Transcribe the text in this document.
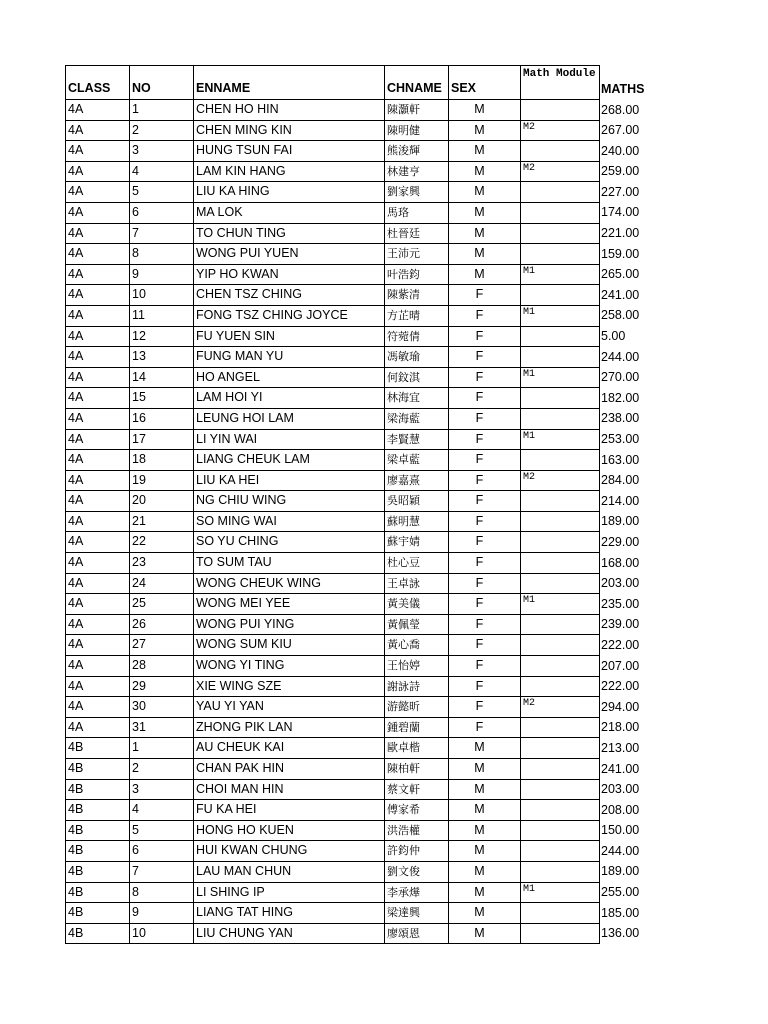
CLASS	NO	ENNAME	CHNAME	SEX	Math Module	MATHS
4A	1	CHEN HO HIN	陳灝軒	M		268.00
4A	2	CHEN MING KIN	陳明健	M	M2	267.00
4A	3	HUNG TSUN FAI	熊浚輝	M		240.00
4A	4	LAM KIN HANG	林建亨	M	M2	259.00
4A	5	LIU KA HING	劉家興	M		227.00
4A	6	MA LOK	馬珞	M		174.00
4A	7	TO CHUN TING	杜晉廷	M		221.00
4A	8	WONG PUI YUEN	王沛元	M		159.00
4A	9	YIP HO KWAN	叶浩鈞	M	M1	265.00
4A	10	CHEN TSZ CHING	陳紫清	F		241.00
4A	11	FONG TSZ CHING JOYCE	方芷晴	F	M1	258.00
4A	12	FU YUEN SIN	符菀倩	F		5.00
4A	13	FUNG MAN YU	馮敏瑜	F		244.00
4A	14	HO ANGEL	何鈫淇	F	M1	270.00
4A	15	LAM HOI YI	林海宜	F		182.00
4A	16	LEUNG HOI LAM	梁海藍	F		238.00
4A	17	LI YIN WAI	李賢慧	F	M1	253.00
4A	18	LIANG CHEUK LAM	梁卓藍	F		163.00
4A	19	LIU KA HEI	廖嘉熹	F	M2	284.00
4A	20	NG CHIU WING	吳昭穎	F		214.00
4A	21	SO MING WAI	蘇明慧	F		189.00
4A	22	SO YU CHING	蘇宇婧	F		229.00
4A	23	TO SUM TAU	杜心豆	F		168.00
4A	24	WONG CHEUK WING	王卓詠	F		203.00
4A	25	WONG MEI YEE	黃美儀	F	M1	235.00
4A	26	WONG PUI YING	黃佩瑩	F		239.00
4A	27	WONG SUM KIU	黃心喬	F		222.00
4A	28	WONG YI TING	王怡婷	F		207.00
4A	29	XIE WING SZE	謝詠詩	F		222.00
4A	30	YAU YI YAN	游懿昕	F	M2	294.00
4A	31	ZHONG PIK LAN	鍾碧蘭	F		218.00
4B	1	AU CHEUK KAI	歐卓楷	M		213.00
4B	2	CHAN PAK HIN	陳柏軒	M		241.00
4B	3	CHOI MAN HIN	蔡文軒	M		203.00
4B	4	FU KA HEI	傅家希	M		208.00
4B	5	HONG HO KUEN	洪浩權	M		150.00
4B	6	HUI KWAN CHUNG	許鈞仲	M		244.00
4B	7	LAU MAN CHUN	劉文俊	M		189.00
4B	8	LI SHING IP	李承燁	M	M1	255.00
4B	9	LIANG TAT HING	梁達興	M		185.00
4B	10	LIU CHUNG YAN	廖頌恩	M		136.00
